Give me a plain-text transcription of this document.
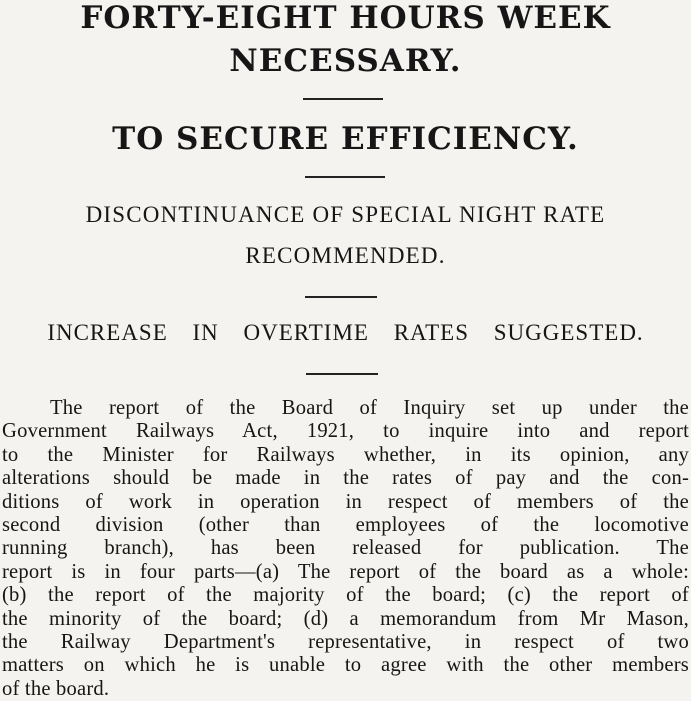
FORTY-EIGHT HOURS WEEK
NECESSARY.
TO SECURE EFFICIENCY.
DISCONTINUANCE OF SPECIAL NIGHT RATE
RECOMMENDED.
INCREASE IN OVERTIME RATES SUGGESTED.
The report of the Board of Inquiry set up under the
Government Railways Act, 1921, to inquire into and report
to the Minister for Railways whether, in its opinion, any
alterations should be made in the rates of pay and the con-
ditions of work in operation in respect of members of the
second division (other than employees of the locomotive
running branch), has been released for publication. The
report is in four parts—(a) The report of the board as a whole:
(b) the report of the majority of the board; (c) the report of
the minority of the board; (d) a memorandum from Mr Mason,
the Railway Department's representative, in respect of two
matters on which he is unable to agree with the other members
of the board.
